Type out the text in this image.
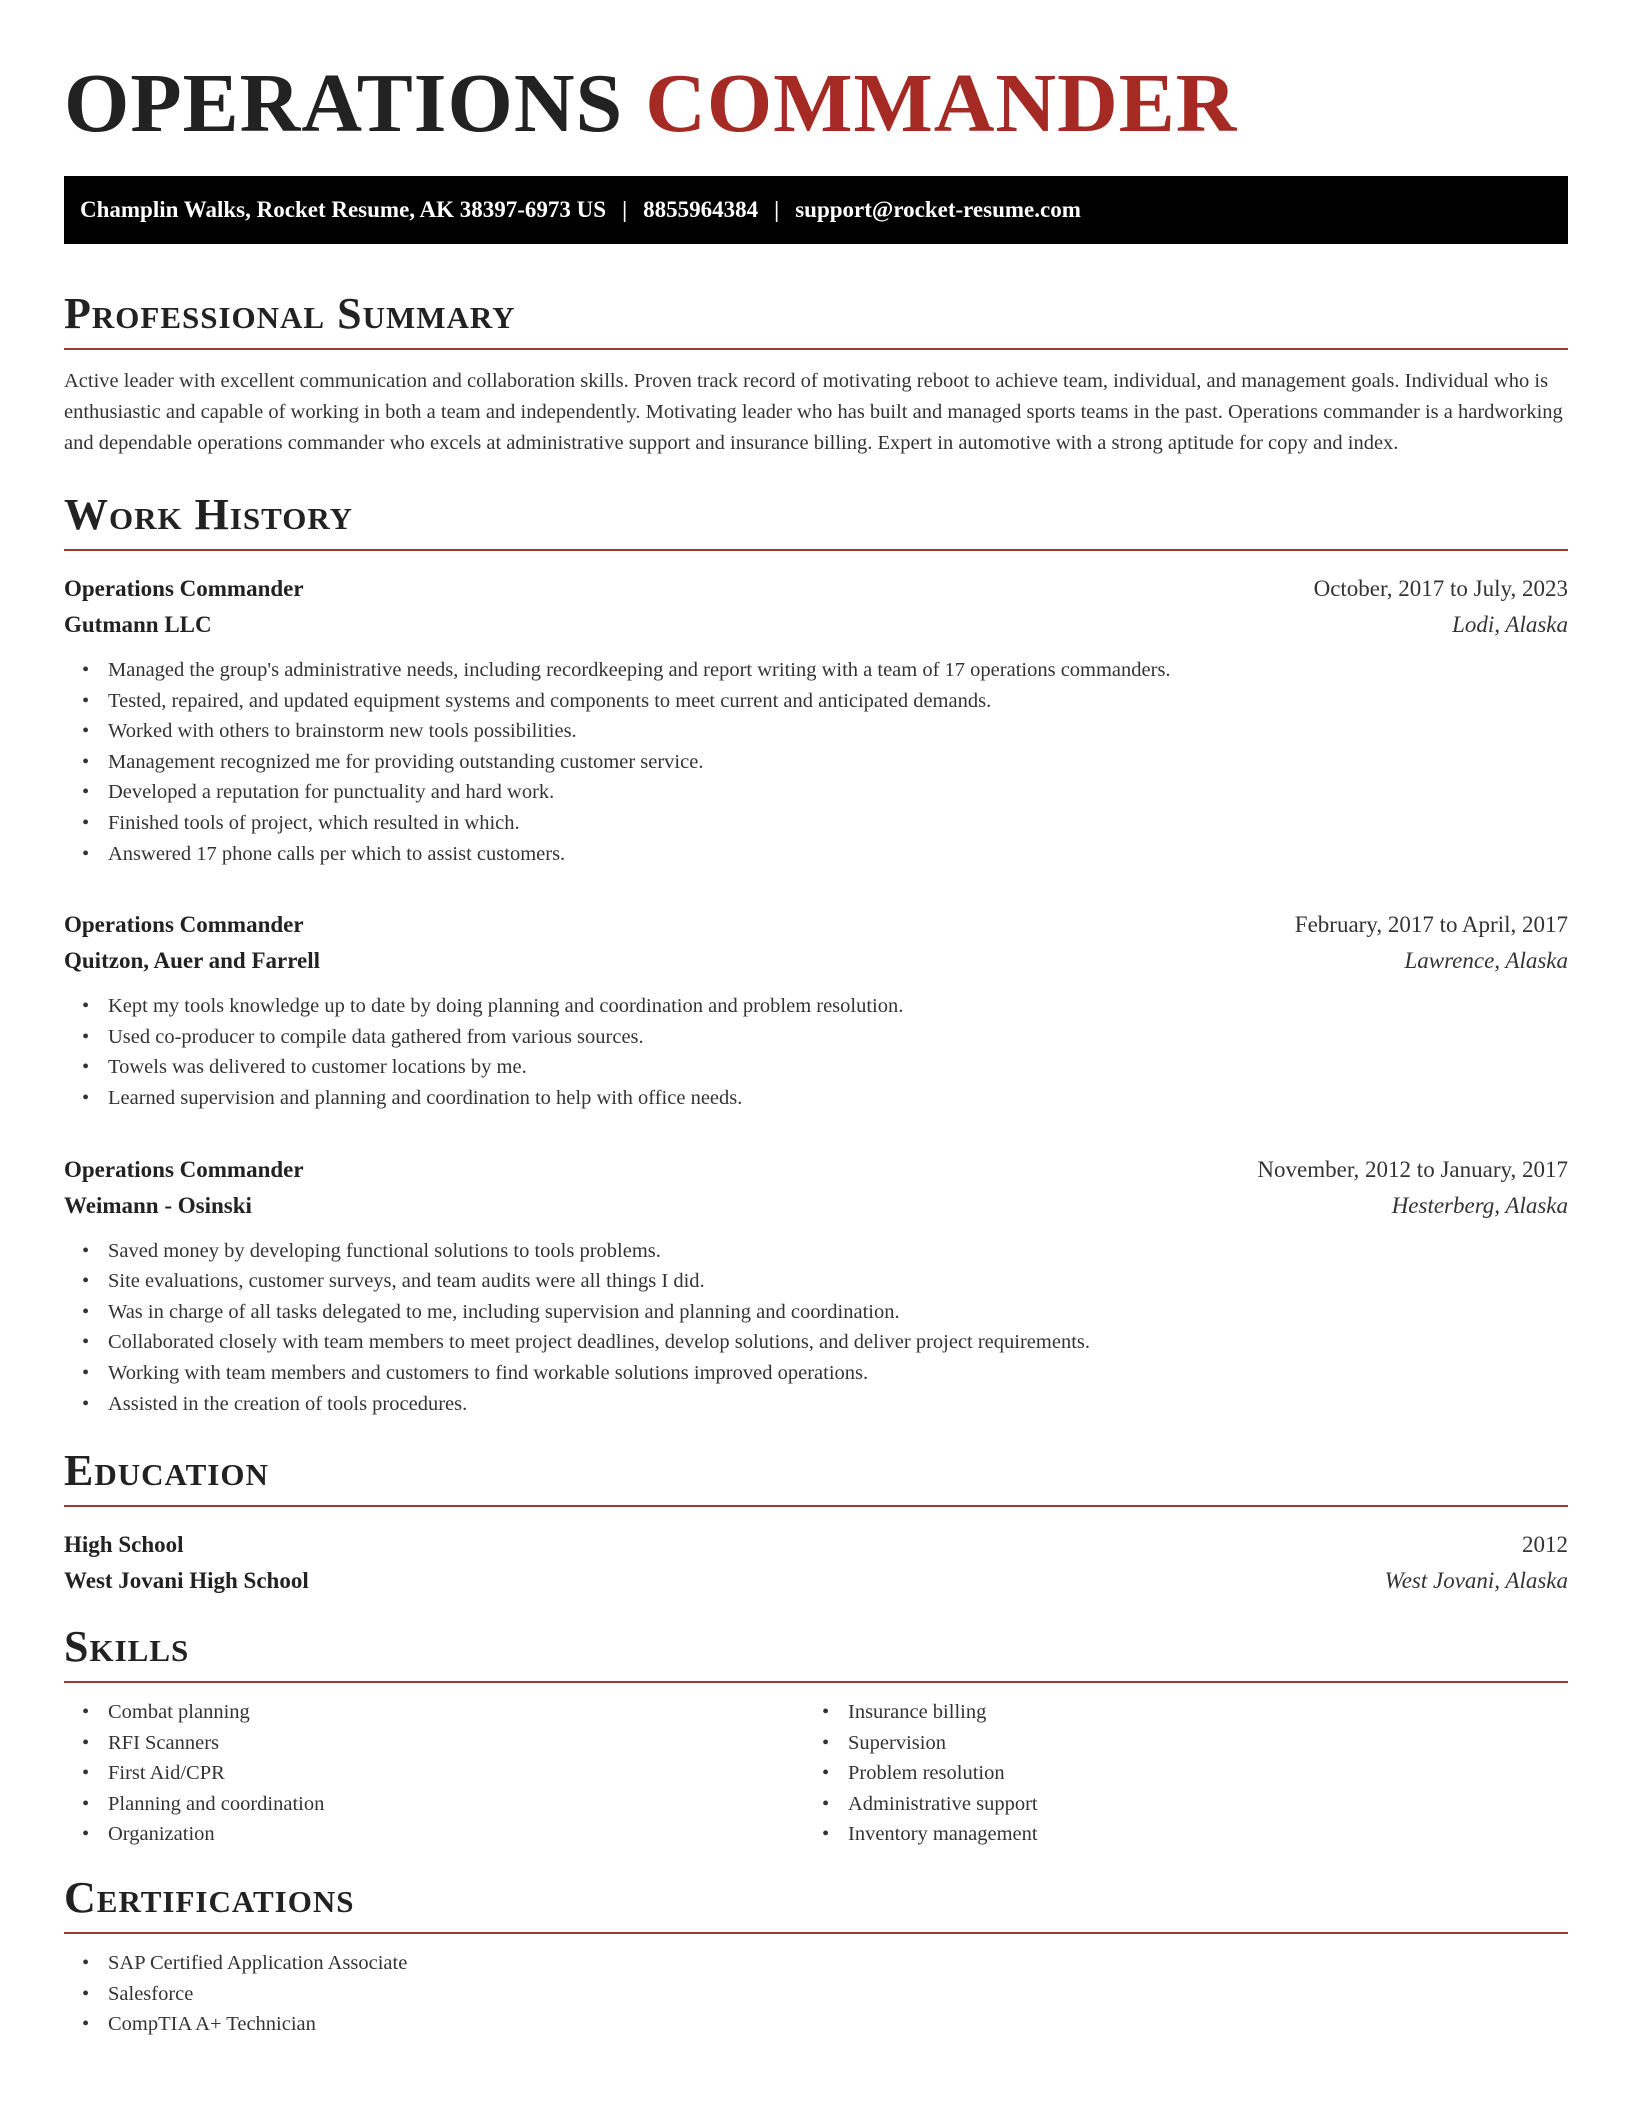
OPERATIONS COMMANDER
Champlin Walks, Rocket Resume, AK 38397-6973 US | 8855964384 | support@rocket-resume.com
Professional Summary

Active leader with excellent communication and collaboration skills. Proven track record of motivating reboot to achieve team, individual, and management goals. Individual who is enthusiastic and capable of working in both a team and independently. Motivating leader who has built and managed sports teams in the past. Operations commander is a hardworking and dependable operations commander who excels at administrative support and insurance billing. Expert in automotive with a strong aptitude for copy and index.

Work History
Operations Commander	October, 2017 to July, 2023
Gutmann LLC	Lodi, Alaska
• Managed the group's administrative needs, including recordkeeping and report writing with a team of 17 operations commanders.
• Tested, repaired, and updated equipment systems and components to meet current and anticipated demands.
• Worked with others to brainstorm new tools possibilities.
• Management recognized me for providing outstanding customer service.
• Developed a reputation for punctuality and hard work.
• Finished tools of project, which resulted in which.
• Answered 17 phone calls per which to assist customers.
Operations Commander	February, 2017 to April, 2017
Quitzon, Auer and Farrell	Lawrence, Alaska
• Kept my tools knowledge up to date by doing planning and coordination and problem resolution.
• Used co-producer to compile data gathered from various sources.
• Towels was delivered to customer locations by me.
• Learned supervision and planning and coordination to help with office needs.
Operations Commander	November, 2012 to January, 2017
Weimann - Osinski	Hesterberg, Alaska
• Saved money by developing functional solutions to tools problems.
• Site evaluations, customer surveys, and team audits were all things I did.
• Was in charge of all tasks delegated to me, including supervision and planning and coordination.
• Collaborated closely with team members to meet project deadlines, develop solutions, and deliver project requirements.
• Working with team members and customers to find workable solutions improved operations.
• Assisted in the creation of tools procedures.
Education
High School	2012
West Jovani High School	West Jovani, Alaska
Skills
• Combat planning
• RFI Scanners
• First Aid/CPR
• Planning and coordination
• Organization
• Insurance billing
• Supervision
• Problem resolution
• Administrative support
• Inventory management
Certifications
• SAP Certified Application Associate
• Salesforce
• CompTIA A+ Technician
